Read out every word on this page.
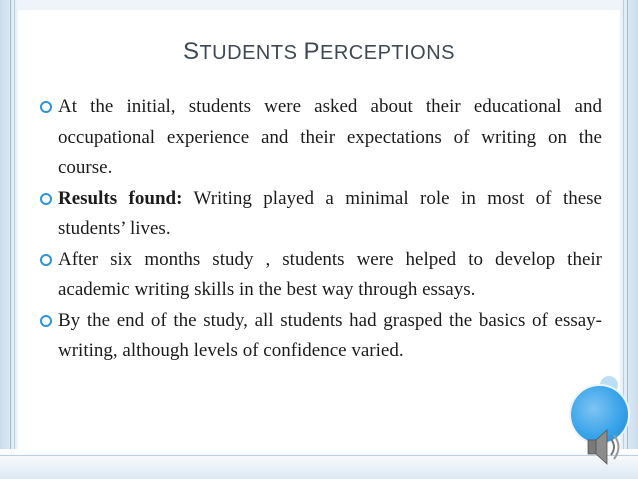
STUDENTS PERCEPTIONS
At the initial, students were asked about their educational and occupational experience and their expectations of writing on the course.
Results found: Writing played a minimal role in most of these students’ lives.
After six months study , students were helped to develop their academic writing skills in the best way through essays.
By the end of the study, all students had grasped the basics of essay-writing, although levels of confidence varied.
